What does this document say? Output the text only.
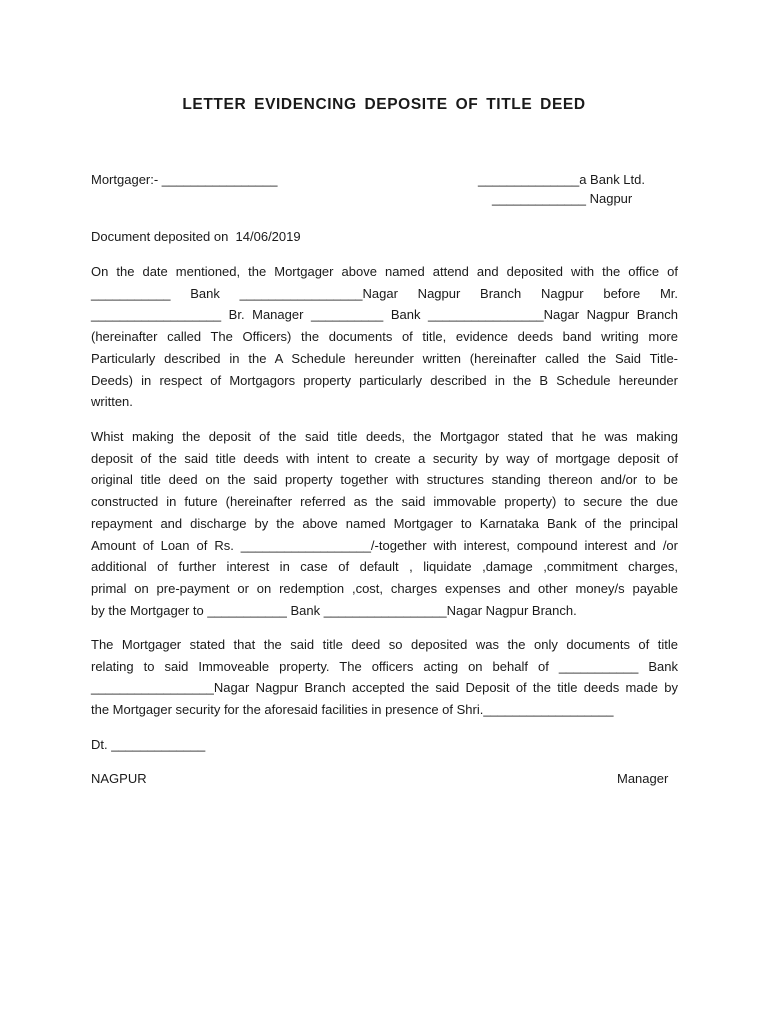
LETTER EVIDENCING DEPOSITE OF TITLE DEED
Mortgager:- ________________	______________a Bank Ltd.
_____________ Nagpur
Document deposited on  14/06/2019
On the date mentioned, the Mortgager above named attend and deposited with the office of
___________ Bank _________________Nagar Nagpur Branch Nagpur before Mr.
__________________ Br. Manager __________ Bank ________________Nagar Nagpur Branch
(hereinafter called The Officers) the documents of title, evidence deeds band writing more
Particularly described in the A Schedule hereunder written (hereinafter called the Said Title-
Deeds) in respect of Mortgagors property particularly described in the B Schedule hereunder
written.
Whist making the deposit of the said title deeds, the Mortgagor stated that he was making
deposit of the said title deeds with intent to create a security by way of mortgage deposit of
original title deed on the said property together with structures standing thereon and/or to be
constructed in future (hereinafter referred as the said immovable property) to secure the due
repayment and discharge by the above named Mortgager to Karnataka Bank of the principal
Amount of Loan of Rs. __________________/-together with interest, compound interest and /or
additional of further interest in case of default , liquidate ,damage ,commitment charges,
primal on pre-payment or on redemption ,cost, charges expenses and other money/s payable
by the Mortgager to ___________ Bank _________________Nagar Nagpur Branch.
The Mortgager stated that the said title deed so deposited was the only documents of title
relating to said Immoveable property. The officers acting on behalf of ___________ Bank
_________________Nagar Nagpur Branch accepted the said Deposit of the title deeds made by
the Mortgager security for the aforesaid facilities in presence of Shri.__________________
Dt. _____________
NAGPUR	Manager
